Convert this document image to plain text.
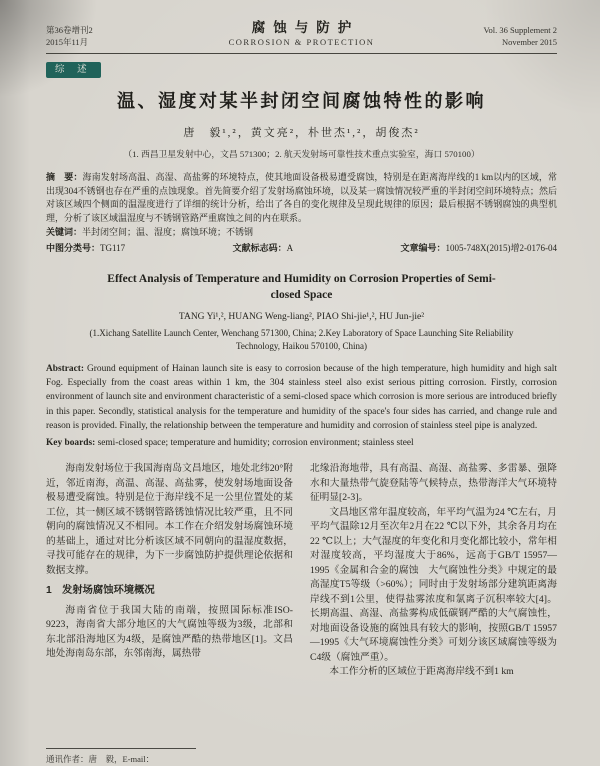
第36卷增刊2
2015年11月
腐蚀与防护
CORROSION & PROTECTION
Vol. 36 Supplement 2
November 2015
综 述
温、湿度对某半封闭空间腐蚀特性的影响
唐　毅¹,²，黄文亮²，朴世杰¹,²，胡俊杰²
（1. 西昌卫星发射中心，文昌 571300；2. 航天发射场可靠性技术重点实验室，海口 570100）

摘　要：海南发射场高温、高湿、高盐雾的环境特点，使其地面设备极易遭受腐蚀，特别是在距离海岸线的1 km以内的区域，常出现304不锈钢也存在严重的点蚀现象。首先简要介绍了发射场腐蚀环境，以及某一腐蚀情况较严重的半封闭空间环境特点；然后对该区域四个侧面的温湿度进行了详细的统计分析，给出了各自的变化规律及呈现此规律的原因；最后根据不锈钢腐蚀的典型机理，分析了该区域温湿度与不锈钢管路严重腐蚀之间的内在联系。

关键词：半封闭空间；温、湿度；腐蚀环境；不锈钢

中图分类号：TG117	文献标志码：A	文章编号：1005-748X(2015)增2-0176-04

Effect Analysis of Temperature and Humidity on Corrosion Properties of Semi-closed Space
TANG Yi¹,², HUANG Weng-liang², PIAO Shi-jie¹,², HU Jun-jie²
(1.Xichang Satellite Launch Center, Wenchang 571300, China; 2.Key Laboratory of Space Launching Site Reliability Technology, Haikou 570100, China)

Abstract: Ground equipment of Hainan launch site is easy to corrosion because of the high temperature, high humidity and high salt Fog. Especially from the coast areas within 1 km, the 304 stainless steel also exist serious pitting corrosion. Firstly, corrosion environment of launch site and environment characteristic of a semi-closed space which corrosion is more serious are introduced briefly in this paper. Secondly, statistical analysis for the temperature and humidity of the space's four sides has carried, and change rule and reason is provided. Finally, the relationship between the temperature and humidity and corrosion of stainless steel pipe is analyzed.

Key boards: semi-closed space; temperature and humidity; corrosion environment; stainless steel

海南发射场位于我国海南岛文昌地区，地处北纬20°附近，邻近南海，高温、高湿、高盐雾，使发射场地面设备极易遭受腐蚀。特别是位于海岸线不足一公里位置处的某工位，其一侧区域不锈钢管路锈蚀情况比较严重，且不同朝向的腐蚀情况又不相同。本工作在介绍发射场腐蚀环境的基础上，通过对比分析该区域不同朝向的温湿度数据，寻找可能存在的规律，为下一步腐蚀防护提供理论依据和数据支撑。

1　发射场腐蚀环境概况

海南省位于我国大陆的南端，按照国际标准ISO-9223，海南省大部分地区的大气腐蚀等级为3级，北部和东北部沿海地区为4级，是腐蚀严酷的热带地区[1]。文昌地处海南岛东部，东邻南海，属热带

北缘沿海地带，具有高温、高湿、高盐雾、多雷暴、强降水和大量热带气旋登陆等气候特点，热带海洋大气环境特征明显[2-3]。

文昌地区常年温度较高，年平均气温为24 ℃左右，月平均气温除12月至次年2月在22 ℃以下外，其余各月均在22 ℃以上；大气湿度的年变化和月变化都比较小，常年相对湿度较高，平均湿度大于86%，远高于GB/T 15957—1995《金属和合金的腐蚀　大气腐蚀性分类》中规定的最高湿度T5等级（>60%）；同时由于发射场部分建筑距离海岸线不到1公里，使得盐雾浓度和氯离子沉积率较大[4]。长期高温、高湿、高盐雾构成低碳钢严酷的大气腐蚀性，对地面设备设施的腐蚀具有较大的影响，按照GB/T 15957—1995《大气环境腐蚀性分类》可划分该区域腐蚀等级为C4级（腐蚀严重）。

本工作分析的区域位于距离海岸线不到1 km

通讯作者：唐　毅，E-mail：
